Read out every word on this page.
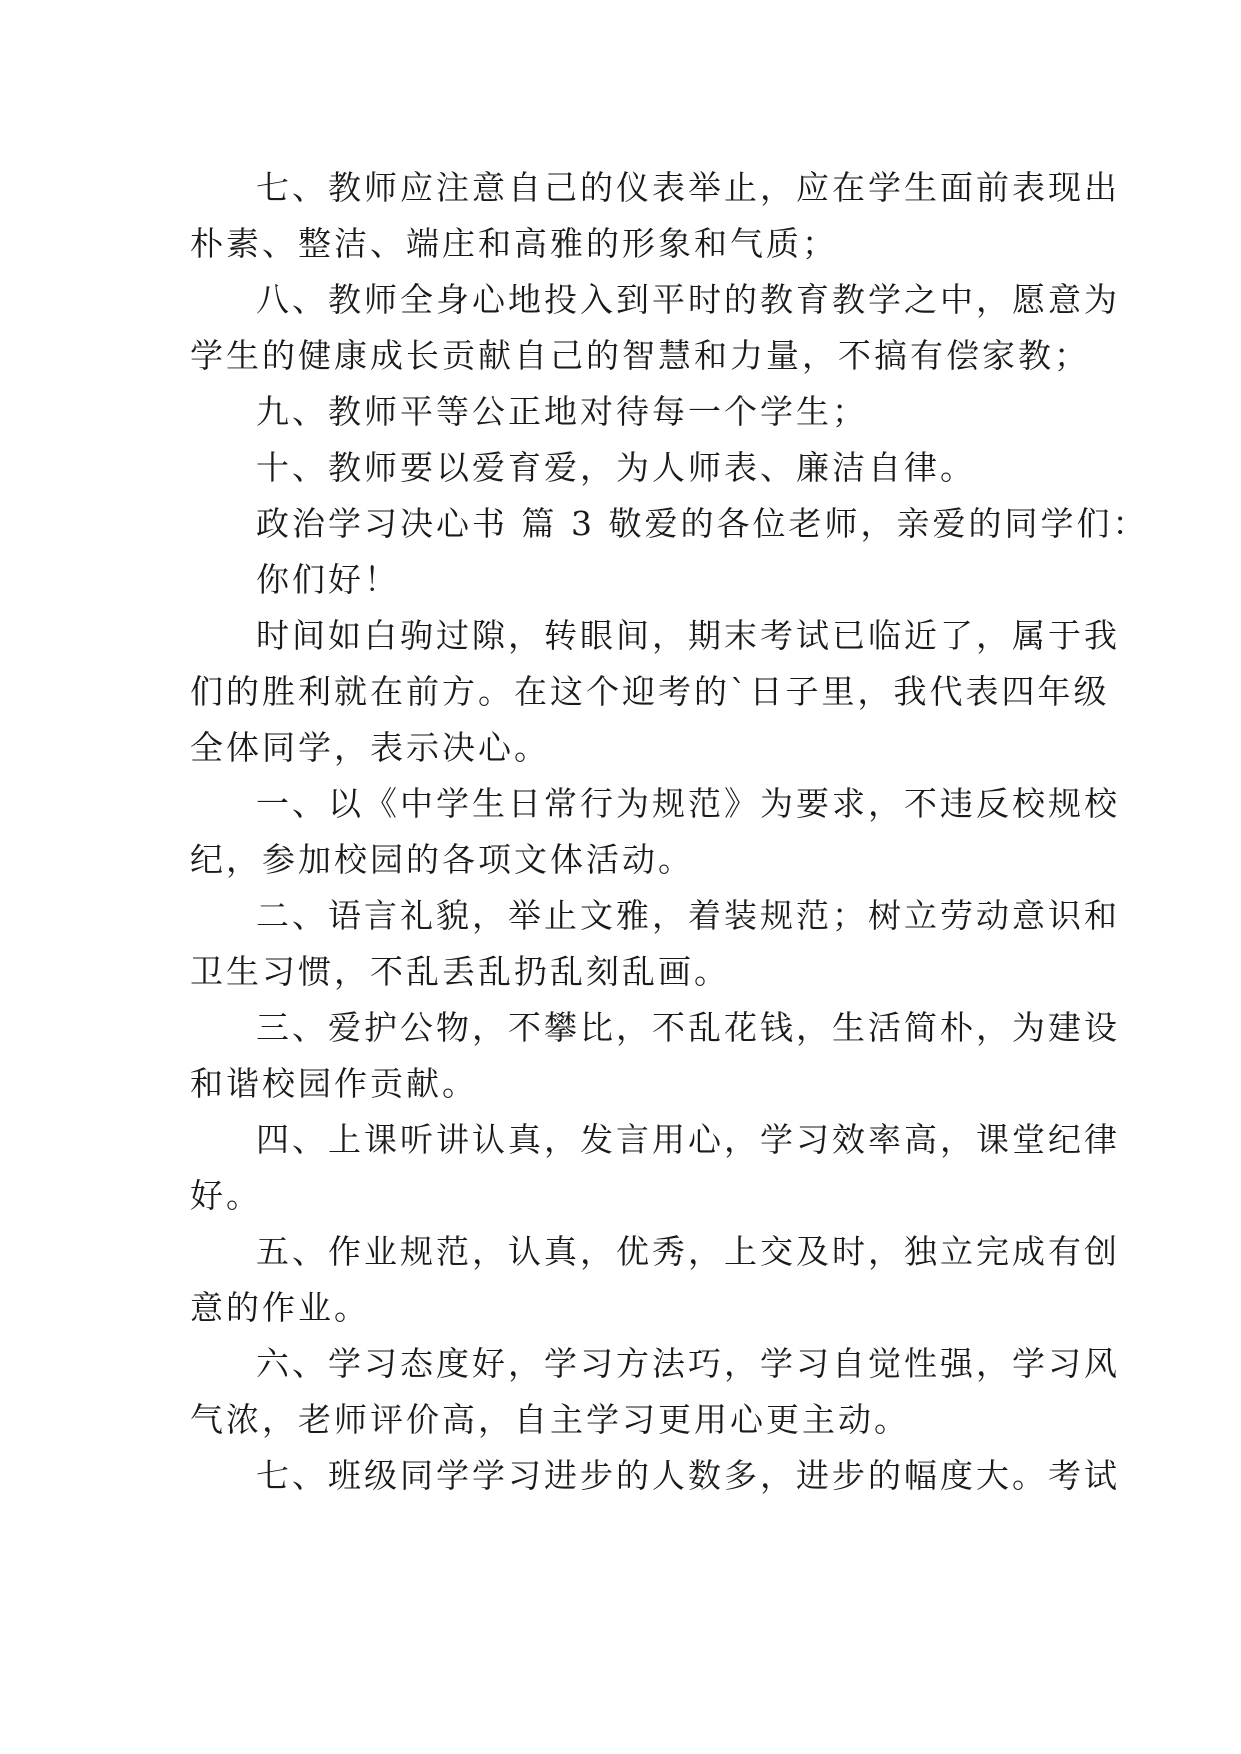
七、教师应注意自己的仪表举止，应在学生面前表现出
朴素、整洁、端庄和高雅的形象和气质；
八、教师全身心地投入到平时的教育教学之中，愿意为
学生的健康成长贡献自己的智慧和力量，不搞有偿家教；
九、教师平等公正地对待每一个学生；
十、教师要以爱育爱，为人师表、廉洁自律。
政治学习决心书 篇 3 敬爱的各位老师，亲爱的同学们：
你们好！
时间如白驹过隙，转眼间，期末考试已临近了，属于我
们的胜利就在前方。在这个迎考的`日子里，我代表四年级
全体同学，表示决心。
一、以《中学生日常行为规范》为要求，不违反校规校
纪，参加校园的各项文体活动。
二、语言礼貌，举止文雅，着装规范；树立劳动意识和
卫生习惯，不乱丢乱扔乱刻乱画。
三、爱护公物，不攀比，不乱花钱，生活简朴，为建设
和谐校园作贡献。
四、上课听讲认真，发言用心，学习效率高，课堂纪律
好。
五、作业规范，认真，优秀，上交及时，独立完成有创
意的作业。
六、学习态度好，学习方法巧，学习自觉性强，学习风
气浓，老师评价高，自主学习更用心更主动。
七、班级同学学习进步的人数多，进步的幅度大。考试
